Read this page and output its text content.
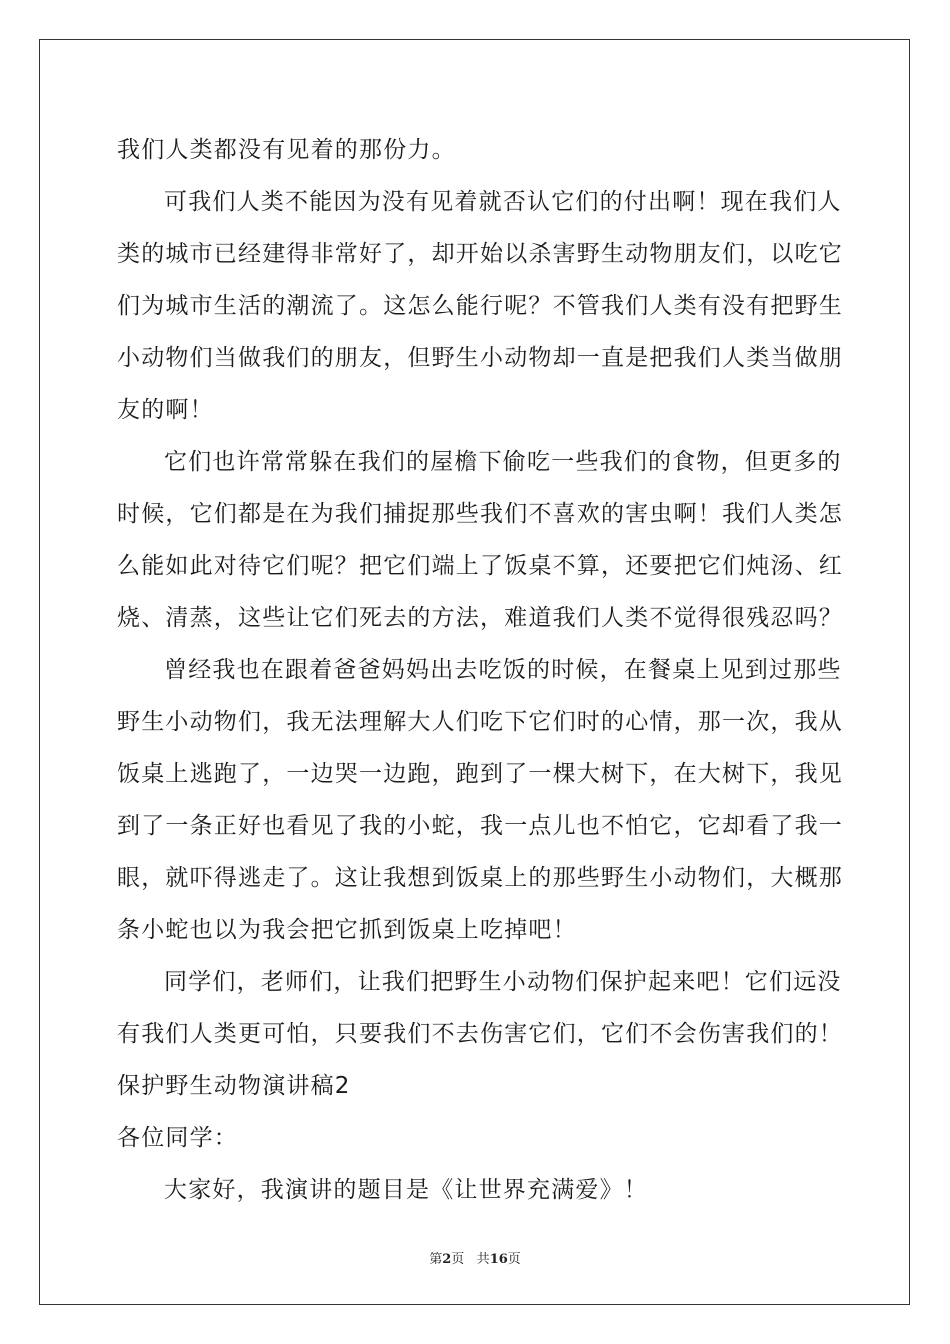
我们人类都没有见着的那份力。
可我们人类不能因为没有见着就否认它们的付出啊！现在我们人
类的城市已经建得非常好了，却开始以杀害野生动物朋友们，以吃它
们为城市生活的潮流了。这怎么能行呢？不管我们人类有没有把野生
小动物们当做我们的朋友，但野生小动物却一直是把我们人类当做朋
友的啊！
它们也许常常躲在我们的屋檐下偷吃一些我们的食物，但更多的
时候，它们都是在为我们捕捉那些我们不喜欢的害虫啊！我们人类怎
么能如此对待它们呢？把它们端上了饭桌不算，还要把它们炖汤、红
烧、清蒸，这些让它们死去的方法，难道我们人类不觉得很残忍吗？
曾经我也在跟着爸爸妈妈出去吃饭的时候，在餐桌上见到过那些
野生小动物们，我无法理解大人们吃下它们时的心情，那一次，我从
饭桌上逃跑了，一边哭一边跑，跑到了一棵大树下，在大树下，我见
到了一条正好也看见了我的小蛇，我一点儿也不怕它，它却看了我一
眼，就吓得逃走了。这让我想到饭桌上的那些野生小动物们，大概那
条小蛇也以为我会把它抓到饭桌上吃掉吧！
同学们，老师们，让我们把野生小动物们保护起来吧！它们远没
有我们人类更可怕，只要我们不去伤害它们，它们不会伤害我们的！
保护野生动物演讲稿2
各位同学：
大家好，我演讲的题目是《让世界充满爱》！
第2页 共16页
